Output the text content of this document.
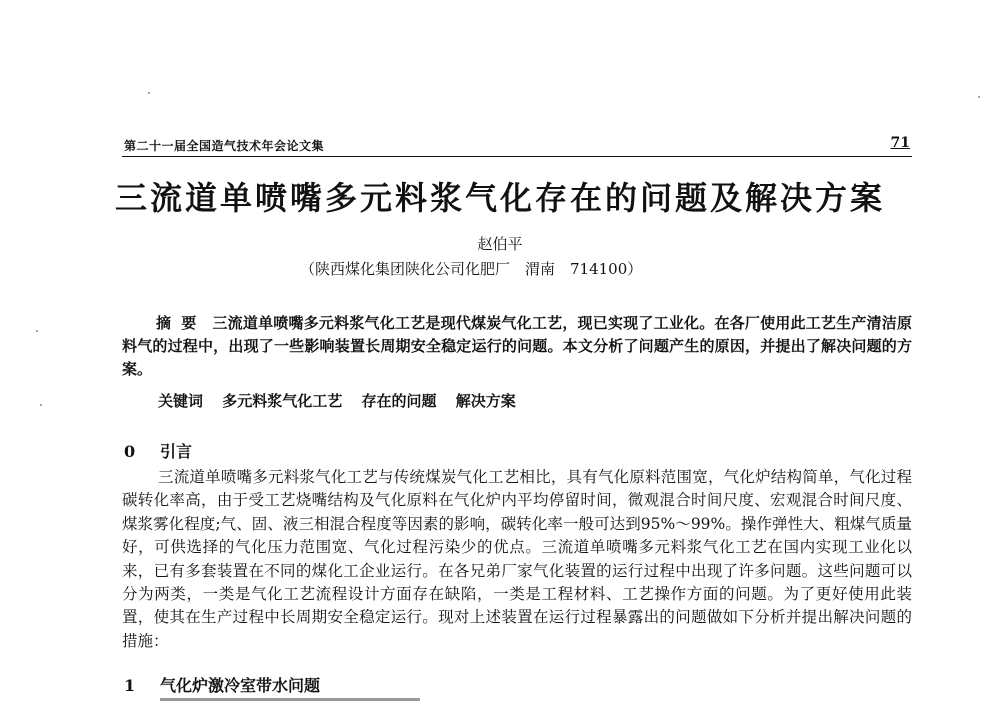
第二十一届全国造气技术年会论文集	71
三流道单喷嘴多元料浆气化存在的问题及解决方案
赵伯平
（陕西煤化集团陕化公司化肥厂　渭南　714100）
摘要 三流道单喷嘴多元料浆气化工艺是现代煤炭气化工艺，现已实现了工业化。在各厂使用此工艺生产清洁原料气的过程中，出现了一些影响装置长周期安全稳定运行的问题。本文分析了问题产生的原因，并提出了解决问题的方案。
关键词 多元料浆气化工艺 存在的问题 解决方案
0 引言
三流道单喷嘴多元料浆气化工艺与传统煤炭气化工艺相比，具有气化原料范围宽，气化炉结构简单，气化过程碳转化率高，由于受工艺烧嘴结构及气化原料在气化炉内平均停留时间，微观混合时间尺度、宏观混合时间尺度、煤浆雾化程度;气、固、液三相混合程度等因素的影响，碳转化率一般可达到95%～99%。操作弹性大、粗煤气质量好，可供选择的气化压力范围宽、气化过程污染少的优点。三流道单喷嘴多元料浆气化工艺在国内实现工业化以来，已有多套装置在不同的煤化工企业运行。在各兄弟厂家气化装置的运行过程中出现了许多问题。这些问题可以分为两类，一类是气化工艺流程设计方面存在缺陷，一类是工程材料、工艺操作方面的问题。为了更好使用此装置，使其在生产过程中长周期安全稳定运行。现对上述装置在运行过程暴露出的问题做如下分析并提出解决问题的措施：
1 气化炉激冷室带水问题
